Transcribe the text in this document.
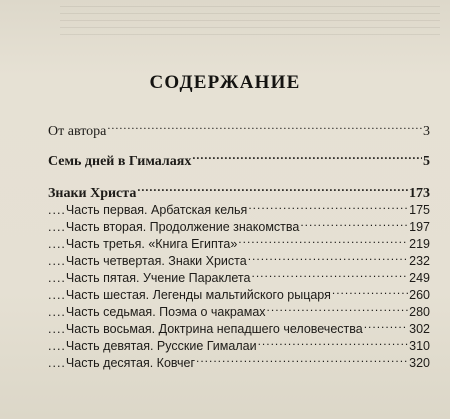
СОДЕРЖАНИЕ
От автора .....	3
Семь дней в Гималаях .....	5
Знаки Христа .....	173
....Часть первая. Арбатская келья .....	175
....Часть вторая. Продолжение знакомства .....	197
....Часть третья. «Книга Египта» .....	219
....Часть четвертая. Знаки Христа .....	232
....Часть пятая. Учение Параклета .....	249
....Часть шестая. Легенды мальтийского рыцаря .....	260
....Часть седьмая. Поэма о чакрамах .....	280
....Часть восьмая. Доктрина непадшего человечества .....	302
....Часть девятая. Русские Гималаи .....	310
....Часть десятая. Ковчег .....	320
